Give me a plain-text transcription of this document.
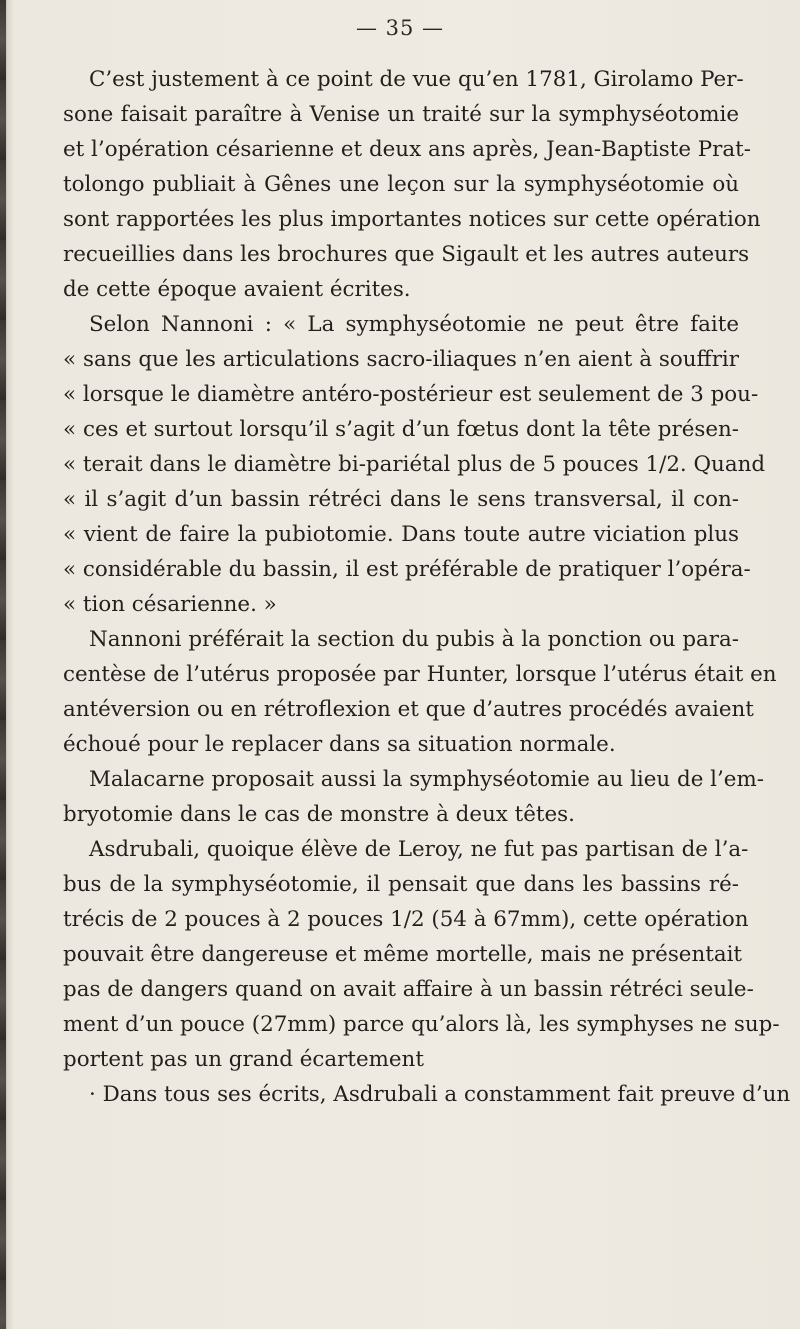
— 35 —
C’est justement à ce point de vue qu’en 1781, Girolamo Per-
sone faisait paraître à Venise un traité sur la symphyséotomie
et l’opération césarienne et deux ans après, Jean-Baptiste Prat-
tolongo publiait à Gênes une leçon sur la symphyséotomie où
sont rapportées les plus importantes notices sur cette opération
recueillies dans les brochures que Sigault et les autres auteurs
de cette époque avaient écrites.
Selon Nannoni : « La symphyséotomie ne peut être faite
« sans que les articulations sacro-iliaques n’en aient à souffrir
« lorsque le diamètre antéro-postérieur est seulement de 3 pou-
« ces et surtout lorsqu’il s’agit d’un fœtus dont la tête présen-
« terait dans le diamètre bi-pariétal plus de 5 pouces 1/2. Quand
« il s’agit d’un bassin rétréci dans le sens transversal, il con-
« vient de faire la pubiotomie. Dans toute autre viciation plus
« considérable du bassin, il est préférable de pratiquer l’opéra-
« tion césarienne. »
Nannoni préférait la section du pubis à la ponction ou para-
centèse de l’utérus proposée par Hunter, lorsque l’utérus était en
antéversion ou en rétroflexion et que d’autres procédés avaient
échoué pour le replacer dans sa situation normale.
Malacarne proposait aussi la symphyséotomie au lieu de l’em-
bryotomie dans le cas de monstre à deux têtes.
Asdrubali, quoique élève de Leroy, ne fut pas partisan de l’a-
bus de la symphyséotomie, il pensait que dans les bassins ré-
trécis de 2 pouces à 2 pouces 1/2 (54 à 67mm), cette opération
pouvait être dangereuse et même mortelle, mais ne présentait
pas de dangers quand on avait affaire à un bassin rétréci seule-
ment d’un pouce (27mm) parce qu’alors là, les symphyses ne sup-
portent pas un grand écartement
· Dans tous ses écrits, Asdrubali a constamment fait preuve d’un
